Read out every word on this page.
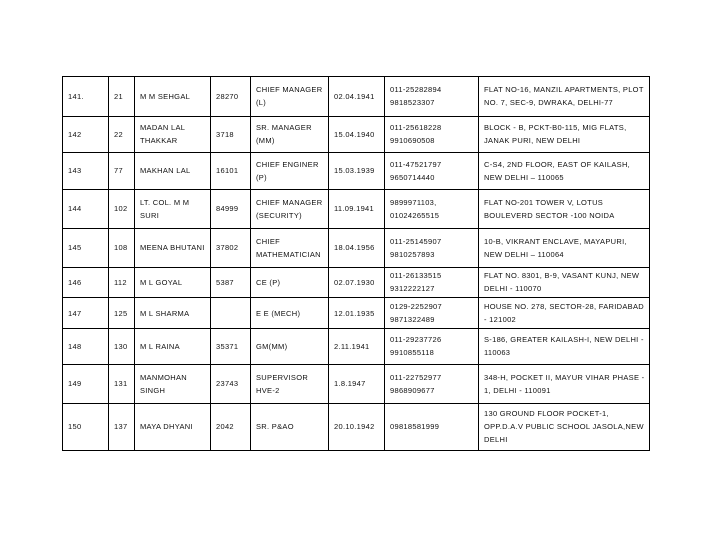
141.	21	M M SEHGAL	28270	CHIEF MANAGER (L)	02.04.1941	011-25282894 9818523307	FLAT NO-16, MANZIL APARTMENTS, PLOT NO. 7, SEC-9, DWRAKA, DELHI-77
142	22	MADAN LAL THAKKAR	3718	SR. MANAGER (MM)	15.04.1940	011-25618228 9910690508	BLOCK - B, PCKT-B0-115, MIG FLATS, JANAK PURI, NEW DELHI
143	77	MAKHAN LAL	16101	CHIEF ENGINER (P)	15.03.1939	011-47521797 9650714440	C-S4, 2ND FLOOR, EAST OF KAILASH, NEW DELHI – 110065
144	102	LT. COL. M M SURI	84999	CHIEF MANAGER (SECURITY)	11.09.1941	9899971103, 01024265515	FLAT NO-201 TOWER V, LOTUS BOULEVERD SECTOR -100 NOIDA
145	108	MEENA BHUTANI	37802	CHIEF MATHEMATICIAN	18.04.1956	011-25145907 9810257893	10-B, VIKRANT ENCLAVE, MAYAPURI, NEW DELHI – 110064
146	112	M L GOYAL	5387	CE (P)	02.07.1930	011-26133515 9312222127	FLAT NO. 8301, B-9, VASANT KUNJ, NEW DELHI - 110070
147	125	M L SHARMA		E E (MECH)	12.01.1935	0129-2252907 9871322489	HOUSE NO. 278, SECTOR-28, FARIDABAD - 121002
148	130	M L RAINA	35371	GM(MM)	2.11.1941	011-29237726 9910855118	S-186, GREATER KAILASH-I, NEW DELHI - 110063
149	131	MANMOHAN SINGH	23743	SUPERVISOR HVE-2	1.8.1947	011-22752977 9868909677	348-H, POCKET II, MAYUR VIHAR PHASE - 1, DELHI - 110091
150	137	MAYA DHYANI	2042	SR. P&AO	20.10.1942	09818581999	130 GROUND FLOOR POCKET-1, OPP.D.A.V PUBLIC SCHOOL JASOLA,NEW DELHI
